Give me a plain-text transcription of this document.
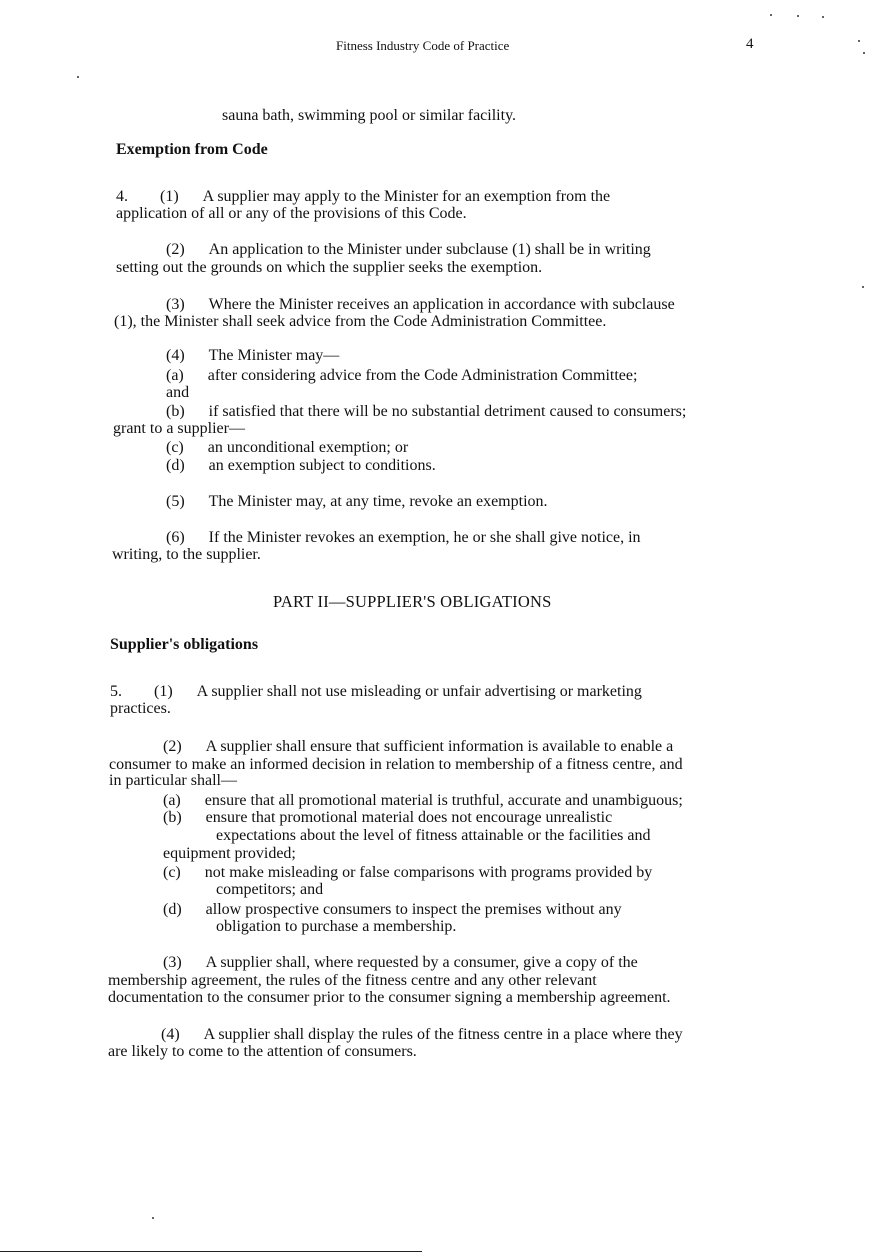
Fitness Industry Code of Practice	4
sauna bath, swimming pool or similar facility.
Exemption from Code
4.  (1)  A supplier may apply to the Minister for an exemption from the
application of all or any of the provisions of this Code.
(2)  An application to the Minister under subclause (1) shall be in writing
setting out the grounds on which the supplier seeks the exemption.
(3)  Where the Minister receives an application in accordance with subclause
(1), the Minister shall seek advice from the Code Administration Committee.
(4)  The Minister may—
(a)  after considering advice from the Code Administration Committee;
and
(b)  if satisfied that there will be no substantial detriment caused to consumers;
grant to a supplier—
(c)  an unconditional exemption; or
(d)  an exemption subject to conditions.
(5)  The Minister may, at any time, revoke an exemption.
(6)  If the Minister revokes an exemption, he or she shall give notice, in
writing, to the supplier.
PART II—SUPPLIER'S OBLIGATIONS
Supplier's obligations
5.  (1)  A supplier shall not use misleading or unfair advertising or marketing
practices.
(2)  A supplier shall ensure that sufficient information is available to enable a
consumer to make an informed decision in relation to membership of a fitness centre, and
in particular shall—
(a)  ensure that all promotional material is truthful, accurate and unambiguous;
(b)  ensure that promotional material does not encourage unrealistic
expectations about the level of fitness attainable or the facilities and
equipment provided;
(c)  not make misleading or false comparisons with programs provided by
competitors; and
(d)  allow prospective consumers to inspect the premises without any
obligation to purchase a membership.
(3)  A supplier shall, where requested by a consumer, give a copy of the
membership agreement, the rules of the fitness centre and any other relevant
documentation to the consumer prior to the consumer signing a membership agreement.
(4)  A supplier shall display the rules of the fitness centre in a place where they
are likely to come to the attention of consumers.
